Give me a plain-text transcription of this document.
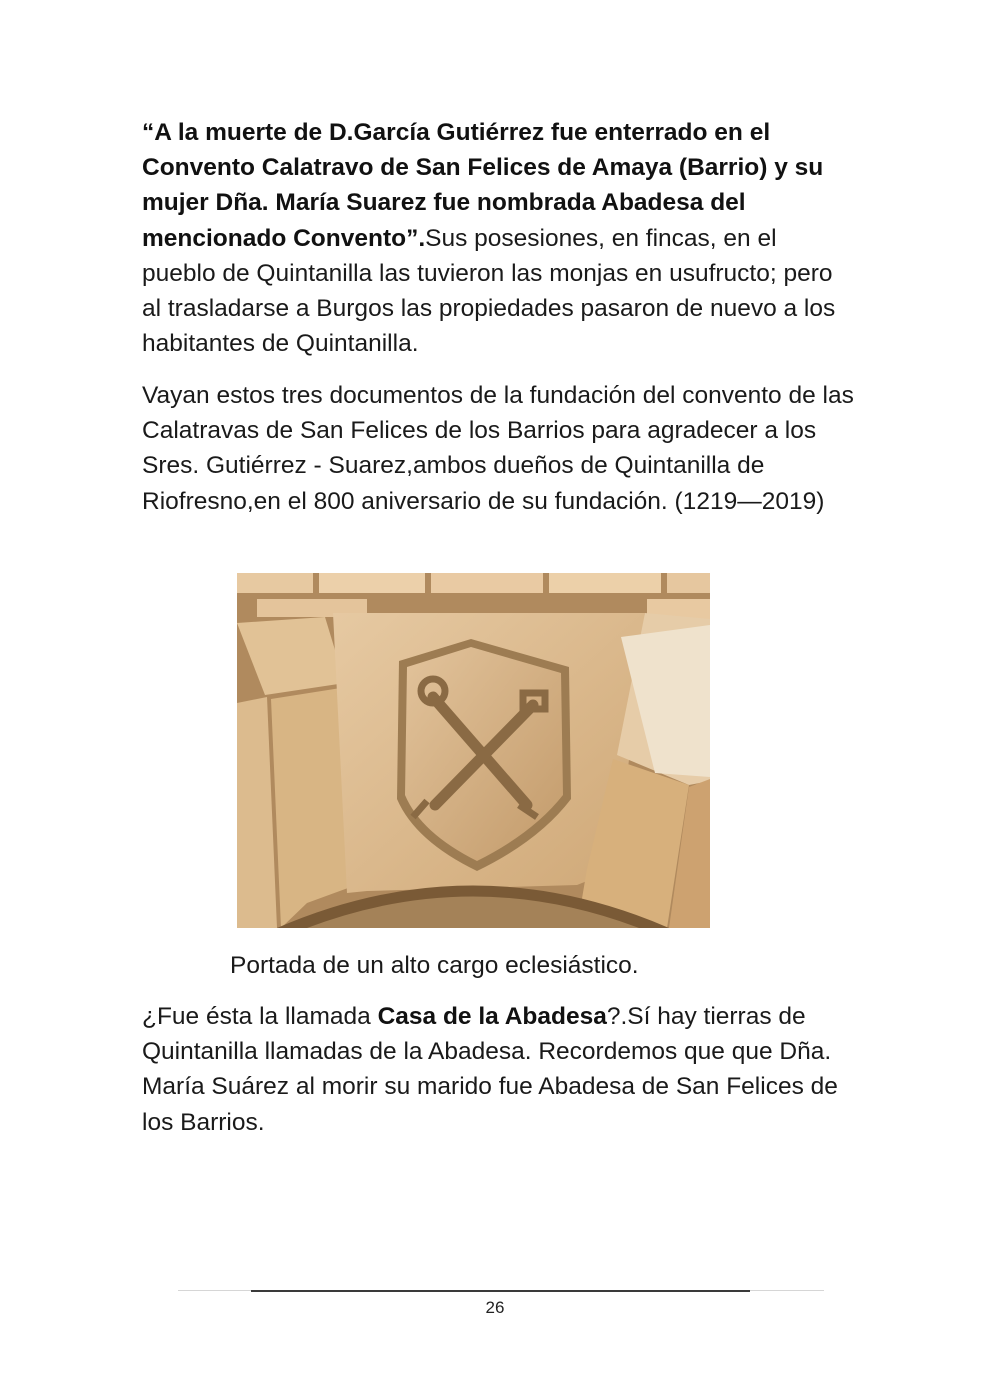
“A la muerte de D.García Gutiérrez fue enterrado en el Convento Calatravo de San Felices de Amaya (Barrio) y su mujer Dña. María Suarez fue nombrada Abadesa del mencionado Convento”.Sus posesiones, en fincas, en el pueblo de Quintanilla las tuvieron las monjas en usufructo; pero al trasladarse a Burgos las propiedades pasaron de nuevo a los habitantes de Quintanilla.
Vayan estos tres documentos de la fundación del convento de las Calatravas de San Felices de los Barrios para agradecer a los Sres. Gutiérrez - Suarez,ambos dueños de Quintanilla de Riofresno,en el 800 aniversario de su fundación. (1219—2019)
Portada de un alto cargo eclesiástico.
¿Fue ésta la llamada Casa de la Abadesa?.Sí hay tierras de Quintanilla llamadas de la Abadesa. Recordemos que que Dña. María Suárez al morir su marido fue Abadesa de San Felices de los Barrios.
26
